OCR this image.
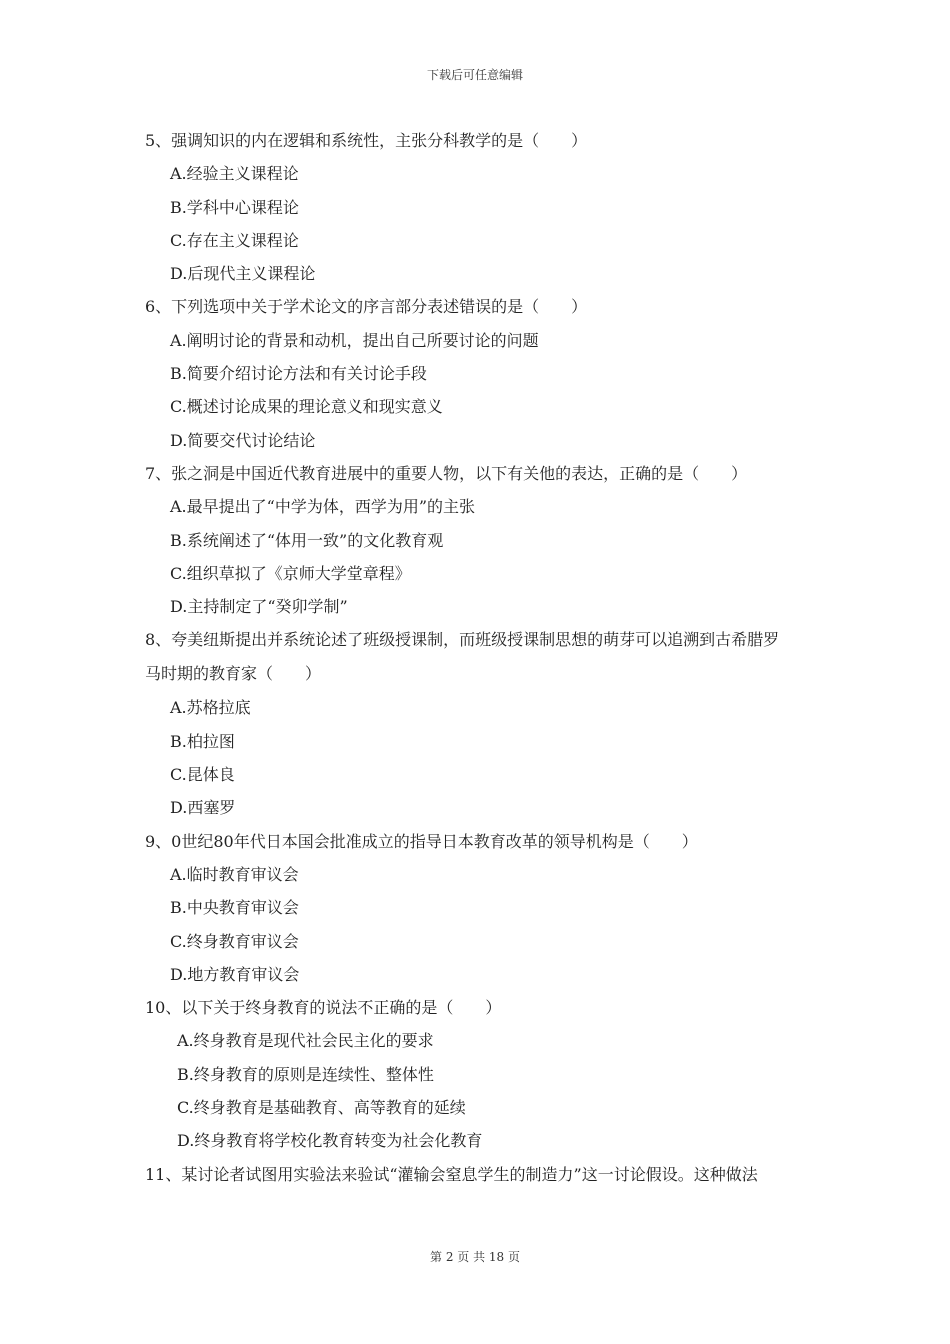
下载后可任意编辑
5、强调知识的内在逻辑和系统性，主张分科教学的是（　　）
A.经验主义课程论
B.学科中心课程论
C.存在主义课程论
D.后现代主义课程论
6、下列选项中关于学术论文的序言部分表述错误的是（　　）
A.阐明讨论的背景和动机，提出自己所要讨论的问题
B.简要介绍讨论方法和有关讨论手段
C.概述讨论成果的理论意义和现实意义
D.简要交代讨论结论
7、张之洞是中国近代教育进展中的重要人物，以下有关他的表达，正确的是（　　）
A.最早提出了“中学为体，西学为用”的主张
B.系统阐述了“体用一致”的文化教育观
C.组织草拟了《京师大学堂章程》
D.主持制定了“癸卯学制”
8、夸美纽斯提出并系统论述了班级授课制，而班级授课制思想的萌芽可以追溯到古希腊罗
马时期的教育家（　　）
A.苏格拉底
B.柏拉图
C.昆体良
D.西塞罗
9、0世纪80年代日本国会批准成立的指导日本教育改革的领导机构是（　　）
A.临时教育审议会
B.中央教育审议会
C.终身教育审议会
D.地方教育审议会
10、以下关于终身教育的说法不正确的是（　　）
A.终身教育是现代社会民主化的要求
B.终身教育的原则是连续性、整体性
C.终身教育是基础教育、高等教育的延续
D.终身教育将学校化教育转变为社会化教育
11、某讨论者试图用实验法来验试“灌输会窒息学生的制造力”这一讨论假设。这种做法
第 2 页 共 18 页
